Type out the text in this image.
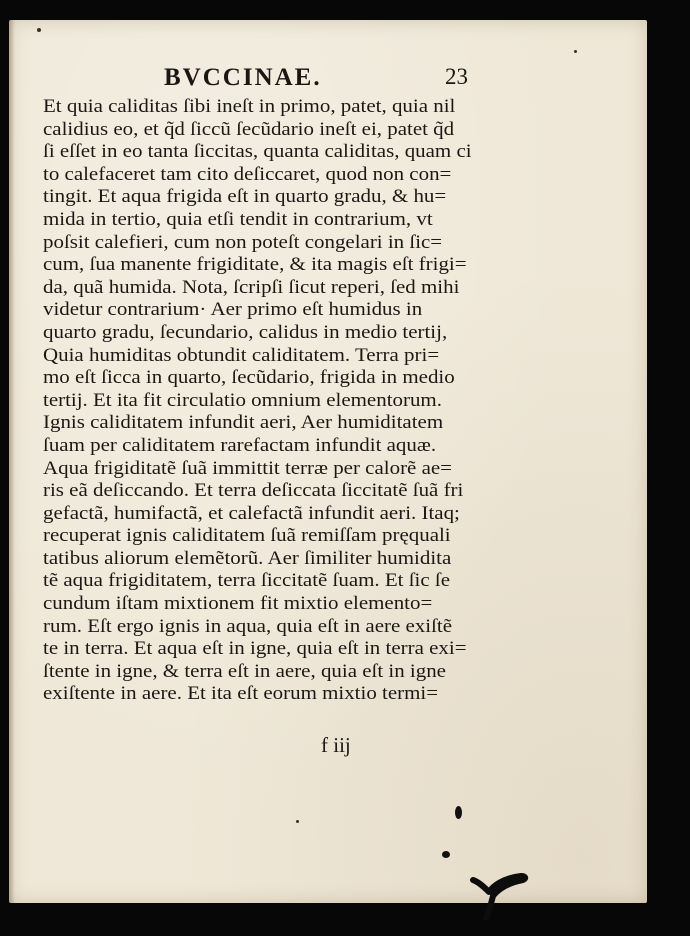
BVCCINAE.	23
Et quia caliditas ſibi ineſt in primo, patet, quia nil
calidius eo, et q̃d ſiccũ ſecũdario ineſt ei, patet q̃d
ſi eſſet in eo tanta ſiccitas, quanta caliditas, quam ci
to calefaceret tam cito deſiccaret, quod non con=
tingit. Et aqua frigida eſt in quarto gradu, & hu=
mida in tertio, quia etſi tendit in contrarium, vt
poſsit calefieri, cum non poteſt congelari in ſic=
cum, ſua manente frigiditate, & ita magis eſt frigi=
da, quã humida. Nota, ſcripſi ſicut reperi, ſed mihi
videtur contrarium· Aer primo eſt humidus in
quarto gradu, ſecundario, calidus in medio tertij,
Quia humiditas obtundit caliditatem. Terra pri=
mo eſt ſicca in quarto, ſecũdario, frigida in medio
tertij. Et ita fit circulatio omnium elementorum.
Ignis caliditatem infundit aeri, Aer humiditatem
ſuam per caliditatem rarefactam infundit aquæ.
Aqua frigiditatẽ ſuã immittit terræ per calorẽ ae=
ris eã deſiccando. Et terra deſiccata ſiccitatẽ ſuã fri
gefactã, humifactã, et calefactã infundit aeri. Itaq;
recuperat ignis caliditatem ſuã remiſſam pręquali
tatibus aliorum elemẽtorũ. Aer ſimiliter humidita
tẽ aqua frigiditatem, terra ſiccitatẽ ſuam. Et ſic ſe
cundum iſtam mixtionem fit mixtio elemento=
rum. Eſt ergo ignis in aqua, quia eſt in aere exiſtẽ
te in terra. Et aqua eſt in igne, quia eſt in terra exi=
ſtente in igne, & terra eſt in aere, quia eſt in igne
exiſtente in aere. Et ita eſt eorum mixtio termi=
f iij
